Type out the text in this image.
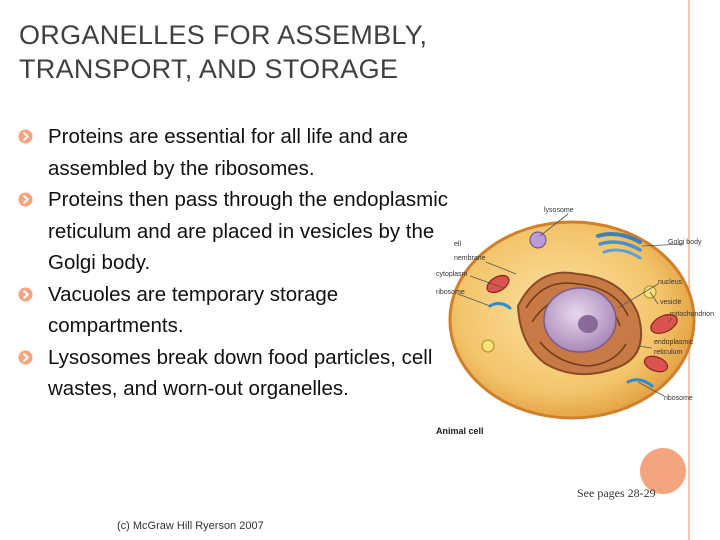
ORGANELLES FOR ASSEMBLY,
TRANSPORT, AND STORAGE
Proteins are essential for all life and are assembled by the ribosomes.
Proteins then pass through the endoplasmic reticulum and are placed in vesicles by the Golgi body.
Vacuoles are temporary storage compartments.
Lysosomes break down food particles, cell wastes, and worn-out organelles.
lysosome
Golgi body
ell
nembrane
cytoplasm
ribosome
nucleus
vesicle
mitochondrion
endoplasmic
reticulum
ribosome
Animal cell
See pages 28-29
(c) McGraw Hill Ryerson 2007
